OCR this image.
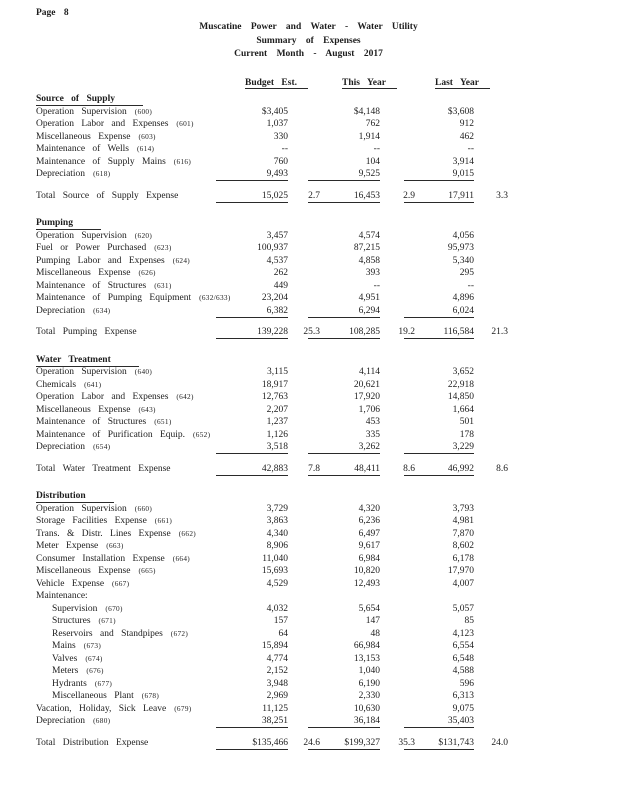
Page 8
Muscatine Power and Water - Water Utility
Summary of Expenses
Current Month - August 2017
Budget Est.	This Year	Last Year
Source of Supply
Operation Supervision (600)	$3,405	$4,148	$3,608
Operation Labor and Expenses (601)	1,037	762	912
Miscellaneous Expense (603)	330	1,914	462
Maintenance of Wells (614)	--	--	--
Maintenance of Supply Mains (616)	760	104	3,914
Depreciation (618)	9,493	9,525	9,015
Total Source of Supply Expense	15,025	2.7	16,453	2.9	17,911	3.3
Pumping
Operation Supervision (620)	3,457	4,574	4,056
Fuel or Power Purchased (623)	100,937	87,215	95,973
Pumping Labor and Expenses (624)	4,537	4,858	5,340
Miscellaneous Expense (626)	262	393	295
Maintenance of Structures (631)	449	--	--
Maintenance of Pumping Equipment (632/633)	23,204	4,951	4,896
Depreciation (634)	6,382	6,294	6,024
Total Pumping Expense	139,228	25.3	108,285	19.2	116,584	21.3
Water Treatment
Operation Supervision (640)	3,115	4,114	3,652
Chemicals (641)	18,917	20,621	22,918
Operation Labor and Expenses (642)	12,763	17,920	14,850
Miscellaneous Expense (643)	2,207	1,706	1,664
Maintenance of Structures (651)	1,237	453	501
Maintenance of Purification Equip. (652)	1,126	335	178
Depreciation (654)	3,518	3,262	3,229
Total Water Treatment Expense	42,883	7.8	48,411	8.6	46,992	8.6
Distribution
Operation Supervision (660)	3,729	4,320	3,793
Storage Facilities Expense (661)	3,863	6,236	4,981
Trans. & Distr. Lines Expense (662)	4,340	6,497	7,870
Meter Expense (663)	8,906	9,617	8,602
Consumer Installation Expense (664)	11,040	6,984	6,178
Miscellaneous Expense (665)	15,693	10,820	17,970
Vehicle Expense (667)	4,529	12,493	4,007
Maintenance:
Supervision (670)	4,032	5,654	5,057
Structures (671)	157	147	85
Reservoirs and Standpipes (672)	64	48	4,123
Mains (673)	15,894	66,984	6,554
Valves (674)	4,774	13,153	6,548
Meters (676)	2,152	1,040	4,588
Hydrants (677)	3,948	6,190	596
Miscellaneous Plant (678)	2,969	2,330	6,313
Vacation, Holiday, Sick Leave (679)	11,125	10,630	9,075
Depreciation (680)	38,251	36,184	35,403
Total Distribution Expense	$135,466	24.6	$199,327	35.3	$131,743	24.0
